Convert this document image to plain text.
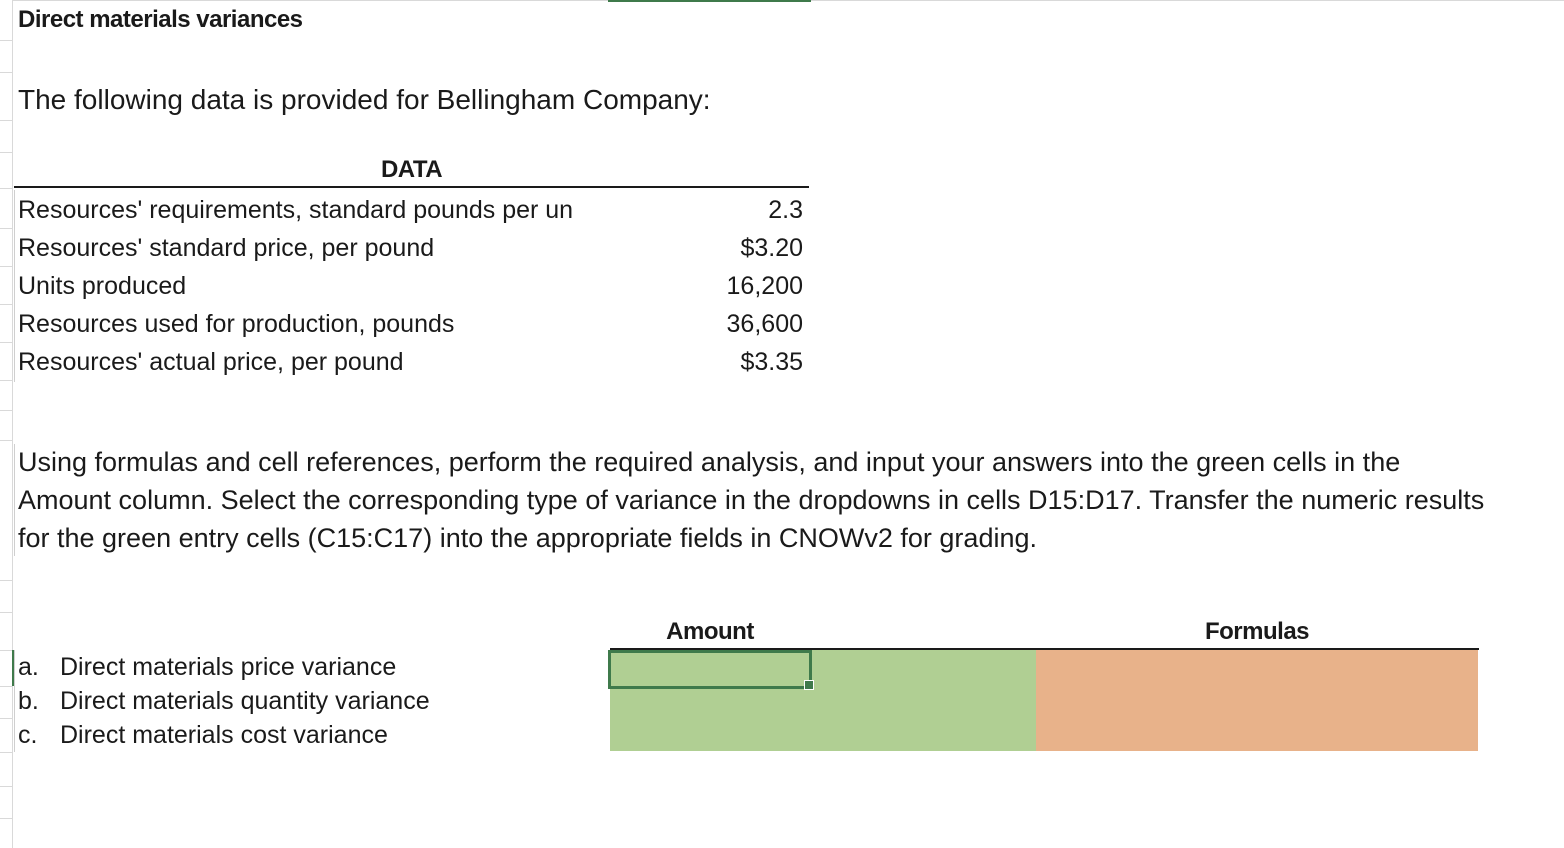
Direct materials variances
The following data is provided for Bellingham Company:
DATA
Resources' requirements, standard pounds per un	2.3
Resources' standard price, per pound	$3.20
Units produced	16,200
Resources used for production, pounds	36,600
Resources' actual price, per pound	$3.35
Using formulas and cell references, perform the required analysis, and input your answers into the green cells in the Amount column. Select the corresponding type of variance in the dropdowns in cells D15:D17. Transfer the numeric results for the green entry cells (C15:C17) into the appropriate fields in CNOWv2 for grading.
Amount	Formulas
a. Direct materials price variance
b. Direct materials quantity variance
c. Direct materials cost variance
